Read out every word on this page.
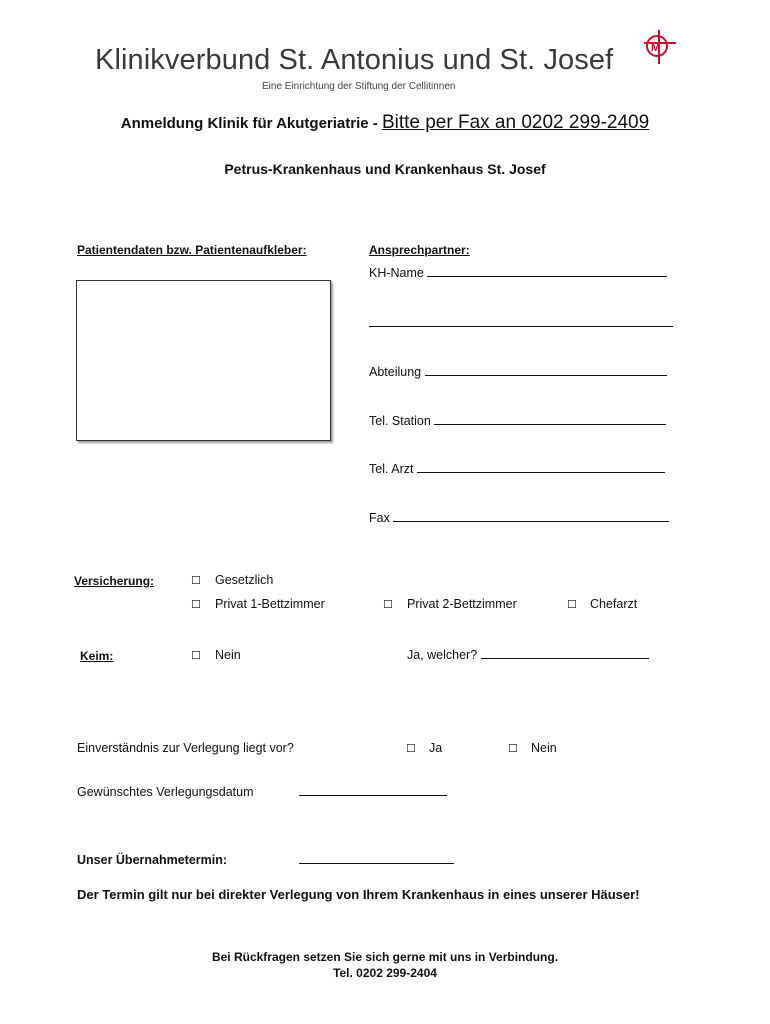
Klinikverbund St. Antonius und St. Josef
Eine Einrichtung der Stiftung der Cellitinnen
M
Anmeldung Klinik für Akutgeriatrie - Bitte per Fax an 0202 299-2409
Petrus-Krankenhaus und Krankenhaus St. Josef
Patientendaten bzw. Patientenaufkleber:	Ansprechpartner:
KH-Name
Abteilung
Tel. Station
Tel. Arzt
Fax
Versicherung:	☐ Gesetzlich
☐ Privat 1-Bettzimmer	☐ Privat 2-Bettzimmer	☐ Chefarzt
Keim:	☐ Nein	Ja, welcher?
Einverständnis zur Verlegung liegt vor?	☐ Ja	☐ Nein
Gewünschtes Verlegungsdatum
Unser Übernahmetermin:
Der Termin gilt nur bei direkter Verlegung von Ihrem Krankenhaus in eines unserer Häuser!
Bei Rückfragen setzen Sie sich gerne mit uns in Verbindung.
Tel. 0202 299-2404
